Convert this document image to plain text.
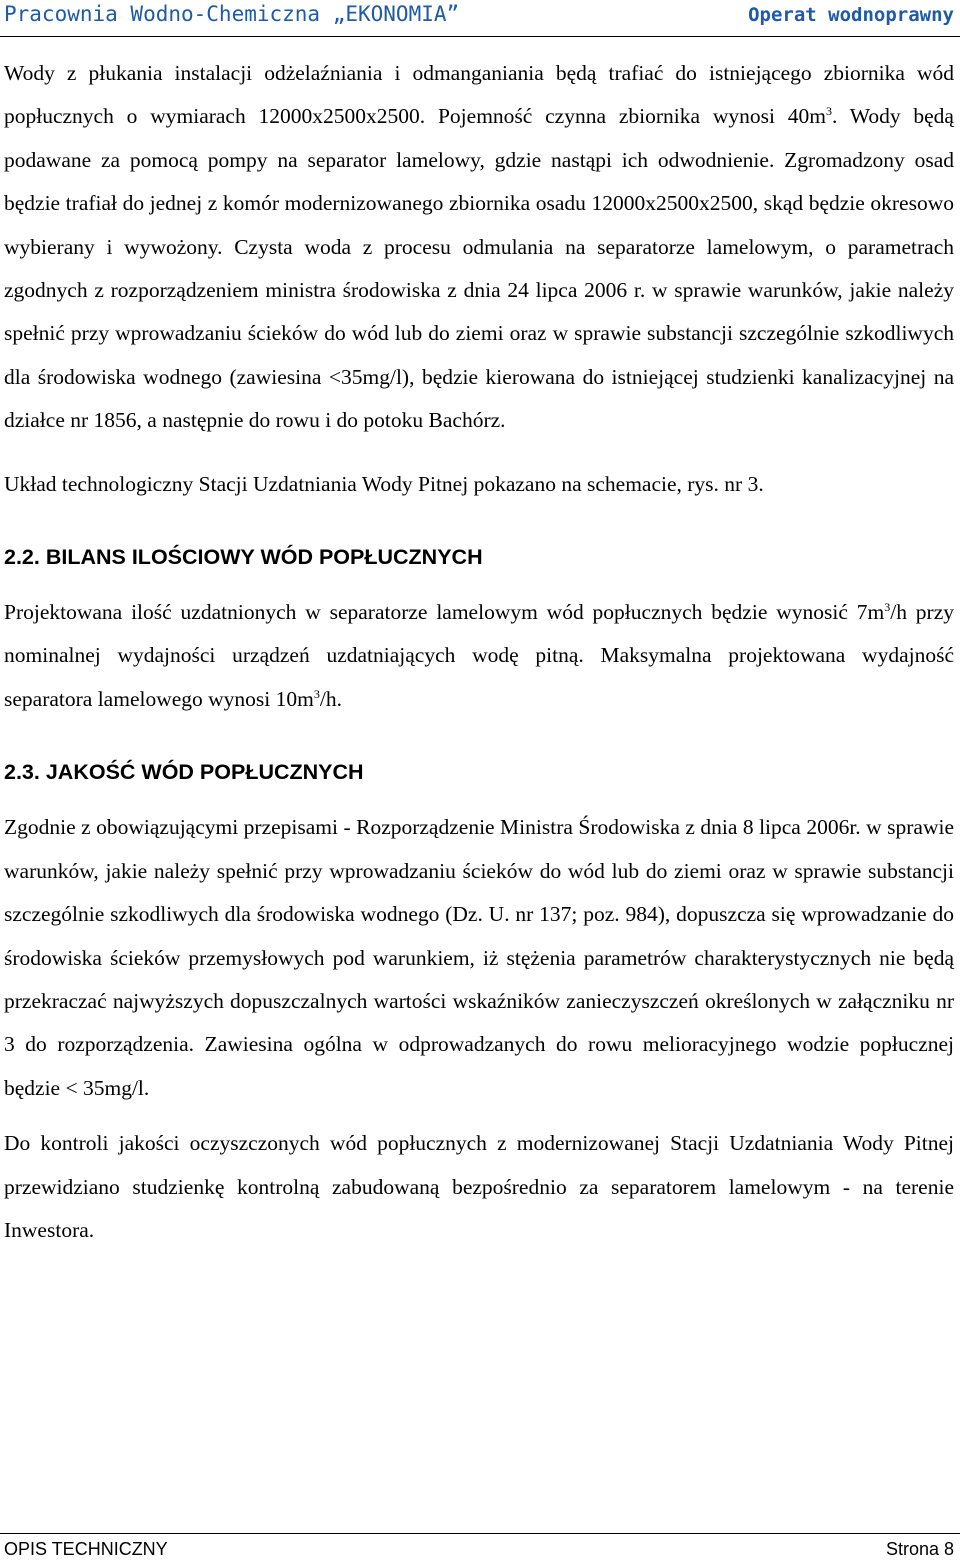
Pracownia Wodno-Chemiczna „EKONOMIA”	Operat wodnoprawny

Wody z płukania instalacji odżelaźniania i odmanganiania będą trafiać do istniejącego zbiornika wód popłucznych o wymiarach 12000x2500x2500. Pojemność czynna zbiornika wynosi $40m^3$. Wody będą podawane za pomocą pompy na separator lamelowy, gdzie nastąpi ich odwodnienie. Zgromadzony osad będzie trafiał do jednej z komór modernizowanego zbiornika osadu 12000x2500x2500, skąd będzie okresowo wybierany i wywożony. Czysta woda z procesu odmulania na separatorze lamelowym, o parametrach zgodnych z rozporządzeniem ministra środowiska z dnia 24 lipca 2006 r. w sprawie warunków, jakie należy spełnić przy wprowadzaniu ścieków do wód lub do ziemi oraz w sprawie substancji szczególnie szkodliwych dla środowiska wodnego (zawiesina <35mg/l), będzie kierowana do istniejącej studzienki kanalizacyjnej na działce nr 1856, a następnie do rowu i do potoku Bachórz.

Układ technologiczny Stacji Uzdatniania Wody Pitnej pokazano na schemacie, rys. nr 3.

2.2. BILANS ILOŚCIOWY WÓD POPŁUCZNYCH

Projektowana ilość uzdatnionych w separatorze lamelowym wód popłucznych będzie wynosić $7m^3/h$ przy nominalnej wydajności urządzeń uzdatniających wodę pitną. Maksymalna projektowana wydajność separatora lamelowego wynosi $10m^3/h$.

2.3. JAKOŚĆ WÓD POPŁUCZNYCH

Zgodnie z obowiązującymi przepisami - Rozporządzenie Ministra Środowiska z dnia 8 lipca 2006r. w sprawie warunków, jakie należy spełnić przy wprowadzaniu ścieków do wód lub do ziemi oraz w sprawie substancji szczególnie szkodliwych dla środowiska wodnego (Dz. U. nr 137; poz. 984), dopuszcza się wprowadzanie do środowiska ścieków przemysłowych pod warunkiem, iż stężenia parametrów charakterystycznych nie będą przekraczać najwyższych dopuszczalnych wartości wskaźników zanieczyszczeń określonych w załączniku nr 3 do rozporządzenia. Zawiesina ogólna w odprowadzanych do rowu melioracyjnego wodzie popłucznej będzie < 35mg/l.

Do kontroli jakości oczyszczonych wód popłucznych z modernizowanej Stacji Uzdatniania Wody Pitnej przewidziano studzienkę kontrolną zabudowaną bezpośrednio za separatorem lamelowym - na terenie Inwestora.

OPIS TECHNICZNY	Strona 8
